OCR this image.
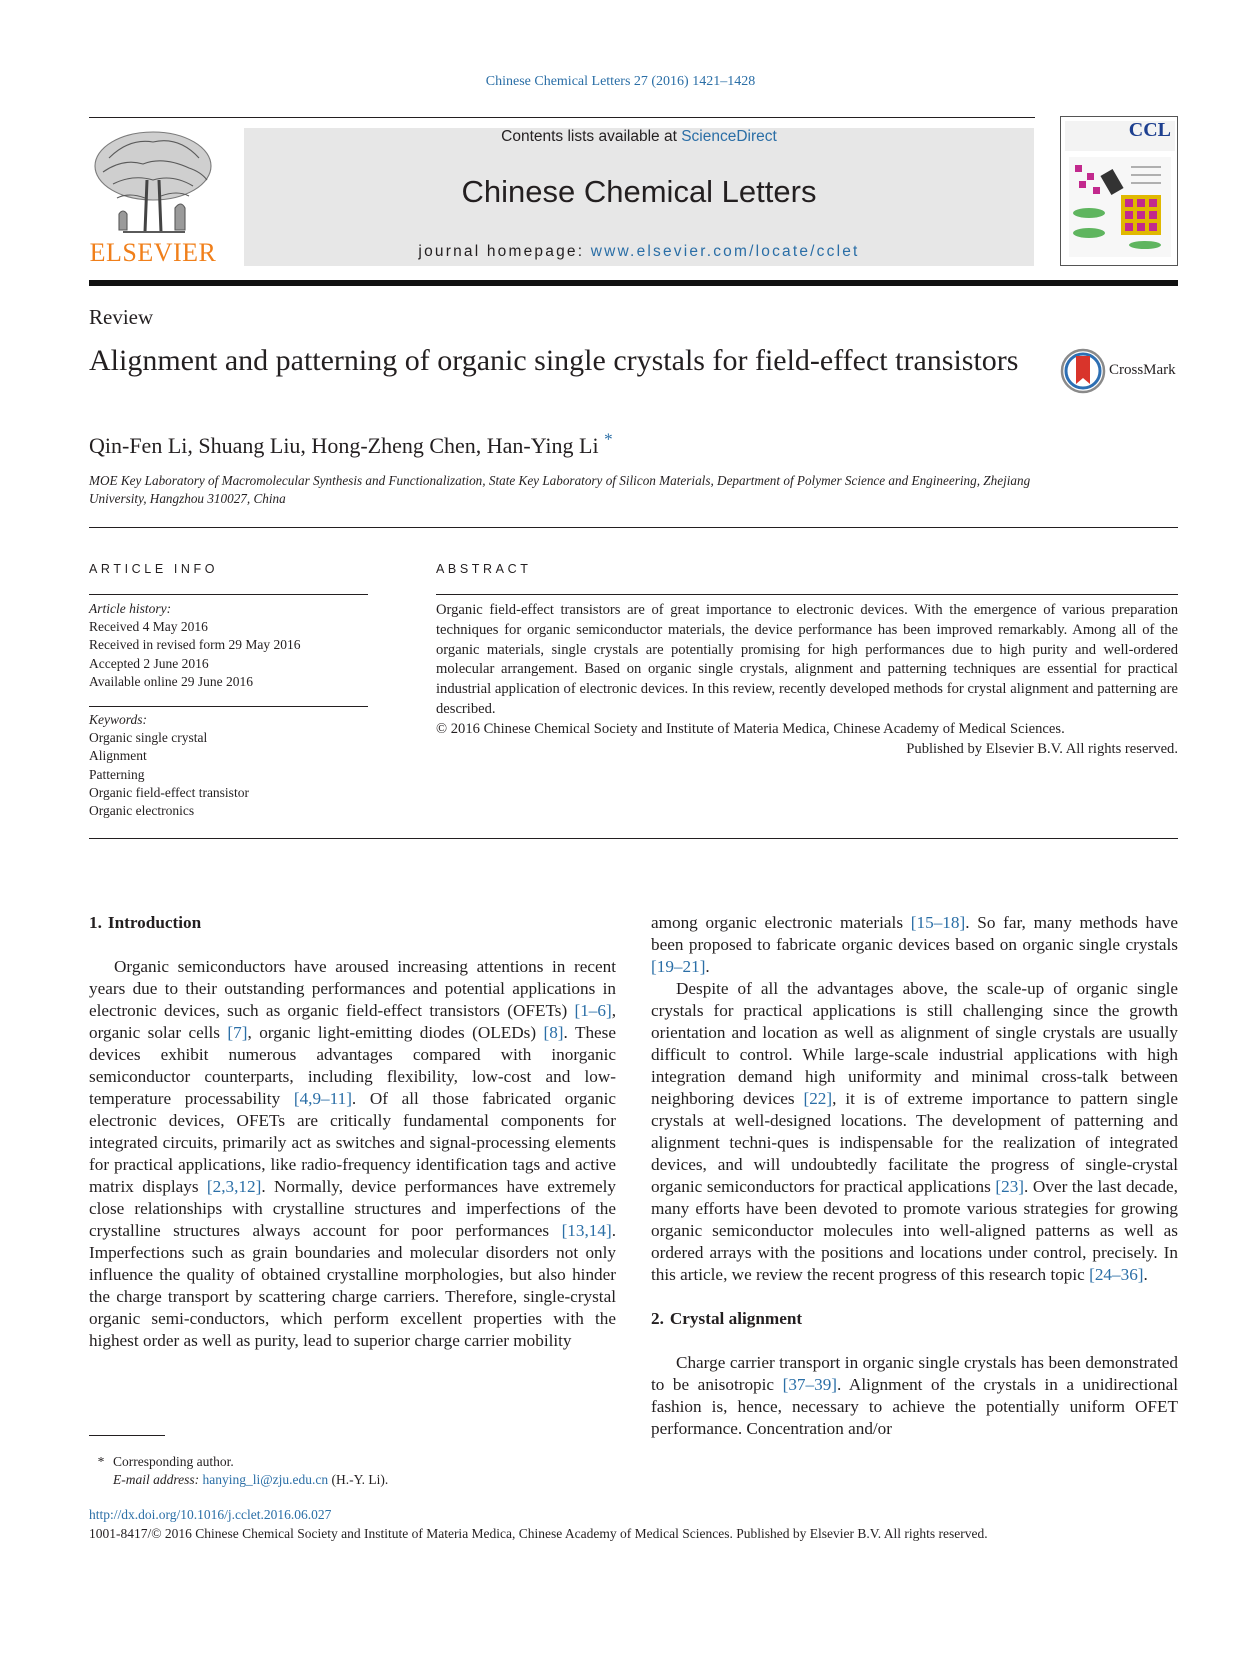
Chinese Chemical Letters 27 (2016) 1421–1428
ELSEVIER
Contents lists available at ScienceDirect
Chinese Chemical Letters
journal homepage: www.elsevier.com/locate/cclet
CCL
Review
Alignment and patterning of organic single crystals for field-effect transistors	CrossMark
Qin-Fen Li, Shuang Liu, Hong-Zheng Chen, Han-Ying Li *
MOE Key Laboratory of Macromolecular Synthesis and Functionalization, State Key Laboratory of Silicon Materials, Department of Polymer Science and Engineering, Zhejiang University, Hangzhou 310027, China
ARTICLE INFO
Article history:
Received 4 May 2016
Received in revised form 29 May 2016
Accepted 2 June 2016
Available online 29 June 2016
Keywords:
Organic single crystal
Alignment
Patterning
Organic field-effect transistor
Organic electronics
ABSTRACT
Organic field-effect transistors are of great importance to electronic devices. With the emergence of various preparation techniques for organic semiconductor materials, the device performance has been improved remarkably. Among all of the organic materials, single crystals are potentially promising for high performances due to high purity and well-ordered molecular arrangement. Based on organic single crystals, alignment and patterning techniques are essential for practical industrial application of electronic devices. In this review, recently developed methods for crystal alignment and patterning are described.
© 2016 Chinese Chemical Society and Institute of Materia Medica, Chinese Academy of Medical Sciences.
Published by Elsevier B.V. All rights reserved.
1. Introduction
Organic semiconductors have aroused increasing attentions in recent years due to their outstanding performances and potential applications in electronic devices, such as organic field-effect transistors (OFETs) [1–6], organic solar cells [7], organic light-emitting diodes (OLEDs) [8]. These devices exhibit numerous advantages compared with inorganic semiconductor counterparts, including flexibility, low-cost and low-temperature processability [4,9–11]. Of all those fabricated organic electronic devices, OFETs are critically fundamental components for integrated circuits, primarily act as switches and signal-processing elements for practical applications, like radio-frequency identification tags and active matrix displays [2,3,12]. Normally, device performances have extremely close relationships with crystalline structures and imperfections of the crystalline structures always account for poor performances [13,14]. Imperfections such as grain boundaries and molecular disorders not only influence the quality of obtained crystalline morphologies, but also hinder the charge transport by scattering charge carriers. Therefore, single-crystal organic semi-conductors, which perform excellent properties with the highest order as well as purity, lead to superior charge carrier mobility
among organic electronic materials [15–18]. So far, many methods have been proposed to fabricate organic devices based on organic single crystals [19–21].
Despite of all the advantages above, the scale-up of organic single crystals for practical applications is still challenging since the growth orientation and location as well as alignment of single crystals are usually difficult to control. While large-scale industrial applications with high integration demand high uniformity and minimal cross-talk between neighboring devices [22], it is of extreme importance to pattern single crystals at well-designed locations. The development of patterning and alignment techni-ques is indispensable for the realization of integrated devices, and will undoubtedly facilitate the progress of single-crystal organic semiconductors for practical applications [23]. Over the last decade, many efforts have been devoted to promote various strategies for growing organic semiconductor molecules into well-aligned patterns as well as ordered arrays with the positions and locations under control, precisely. In this article, we review the recent progress of this research topic [24–36].
2. Crystal alignment
Charge carrier transport in organic single crystals has been demonstrated to be anisotropic [37–39]. Alignment of the crystals in a unidirectional fashion is, hence, necessary to achieve the potentially uniform OFET performance. Concentration and/or
* Corresponding author.
E-mail address: hanying_li@zju.edu.cn (H.-Y. Li).
http://dx.doi.org/10.1016/j.cclet.2016.06.027
1001-8417/© 2016 Chinese Chemical Society and Institute of Materia Medica, Chinese Academy of Medical Sciences. Published by Elsevier B.V. All rights reserved.
